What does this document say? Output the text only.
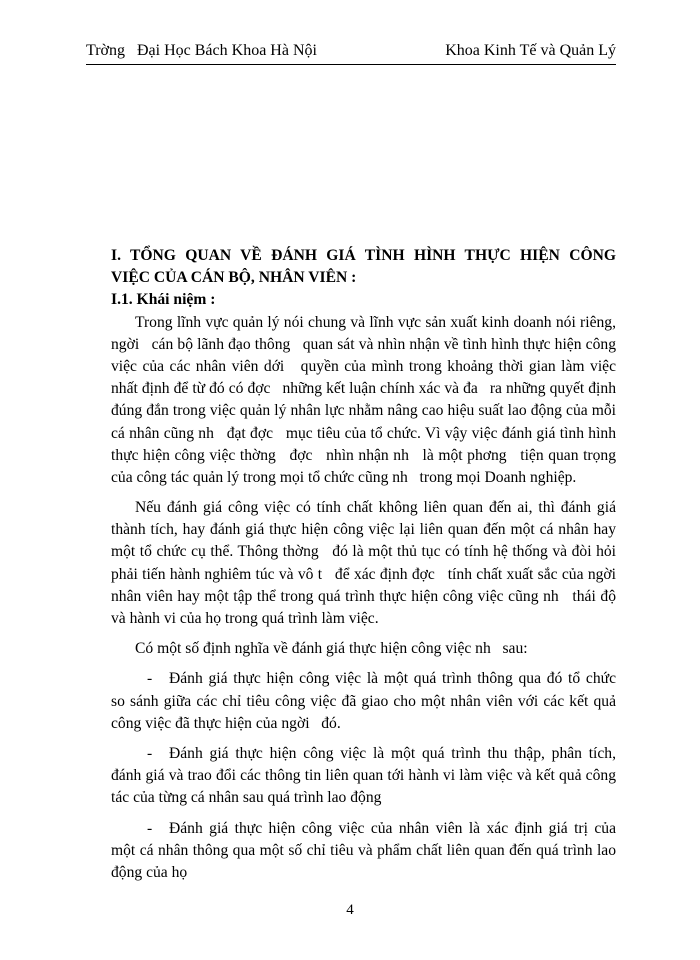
Trờng   Đại Học Bách Khoa Hà Nội	Khoa Kinh Tế và Quản Lý
I. TỔNG QUAN VỀ ĐÁNH GIÁ TÌNH HÌNH THỰC HIỆN CÔNG
VIỆC CỦA CÁN BỘ, NHÂN VIÊN :
I.1. Khái niệm :
Trong lĩnh vực quản lý nói chung và lĩnh vực sản xuất kinh doanh nói riêng,
ngời   cán bộ lãnh đạo thông   quan sát và nhìn nhận về tình hình thực hiện công
việc của các nhân viên dới   quyền của mình trong khoảng thời gian làm việc
nhất định để từ đó có đợc   những kết luận chính xác và đa   ra những quyết định
đúng đắn trong việc quản lý nhân lực nhằm nâng cao hiệu suất lao động của mỗi
cá nhân cũng nh   đạt đợc   mục tiêu của tổ chức. Vì vậy việc đánh giá tình hình
thực hiện công việc thờng   đợc   nhìn nhận nh   là một phơng   tiện quan trọng
của công tác quản lý trong mọi tổ chức cũng nh   trong mọi Doanh nghiệp.
Nếu đánh giá công việc có tính chất không liên quan đến ai, thì đánh giá
thành tích, hay đánh giá thực hiện công việc lại liên quan đến một cá nhân hay
một tổ chức cụ thể. Thông thờng   đó là một thủ tục có tính hệ thống và đòi hỏi
phải tiến hành nghiêm túc và vô t   để xác định đợc   tính chất xuất sắc của ngời
nhân viên hay một tập thể trong quá trình thực hiện công việc cũng nh   thái độ
và hành vi của họ trong quá trình làm việc.
Có một số định nghĩa về đánh giá thực hiện công việc nh   sau:
- Đánh giá thực hiện công việc là một quá trình thông qua đó tổ chức
so sánh giữa các chỉ tiêu công việc đã giao cho một nhân viên với các kết quả
công việc đã thực hiện của ngời   đó.
- Đánh giá thực hiện công việc là một quá trình thu thập, phân tích,
đánh giá và trao đổi các thông tin liên quan tới hành vi làm việc và kết quả công
tác của từng cá nhân sau quá trình lao động
- Đánh giá thực hiện công việc của nhân viên là xác định giá trị của
một cá nhân thông qua một số chỉ tiêu và phẩm chất liên quan đến quá trình lao
động của họ
4
